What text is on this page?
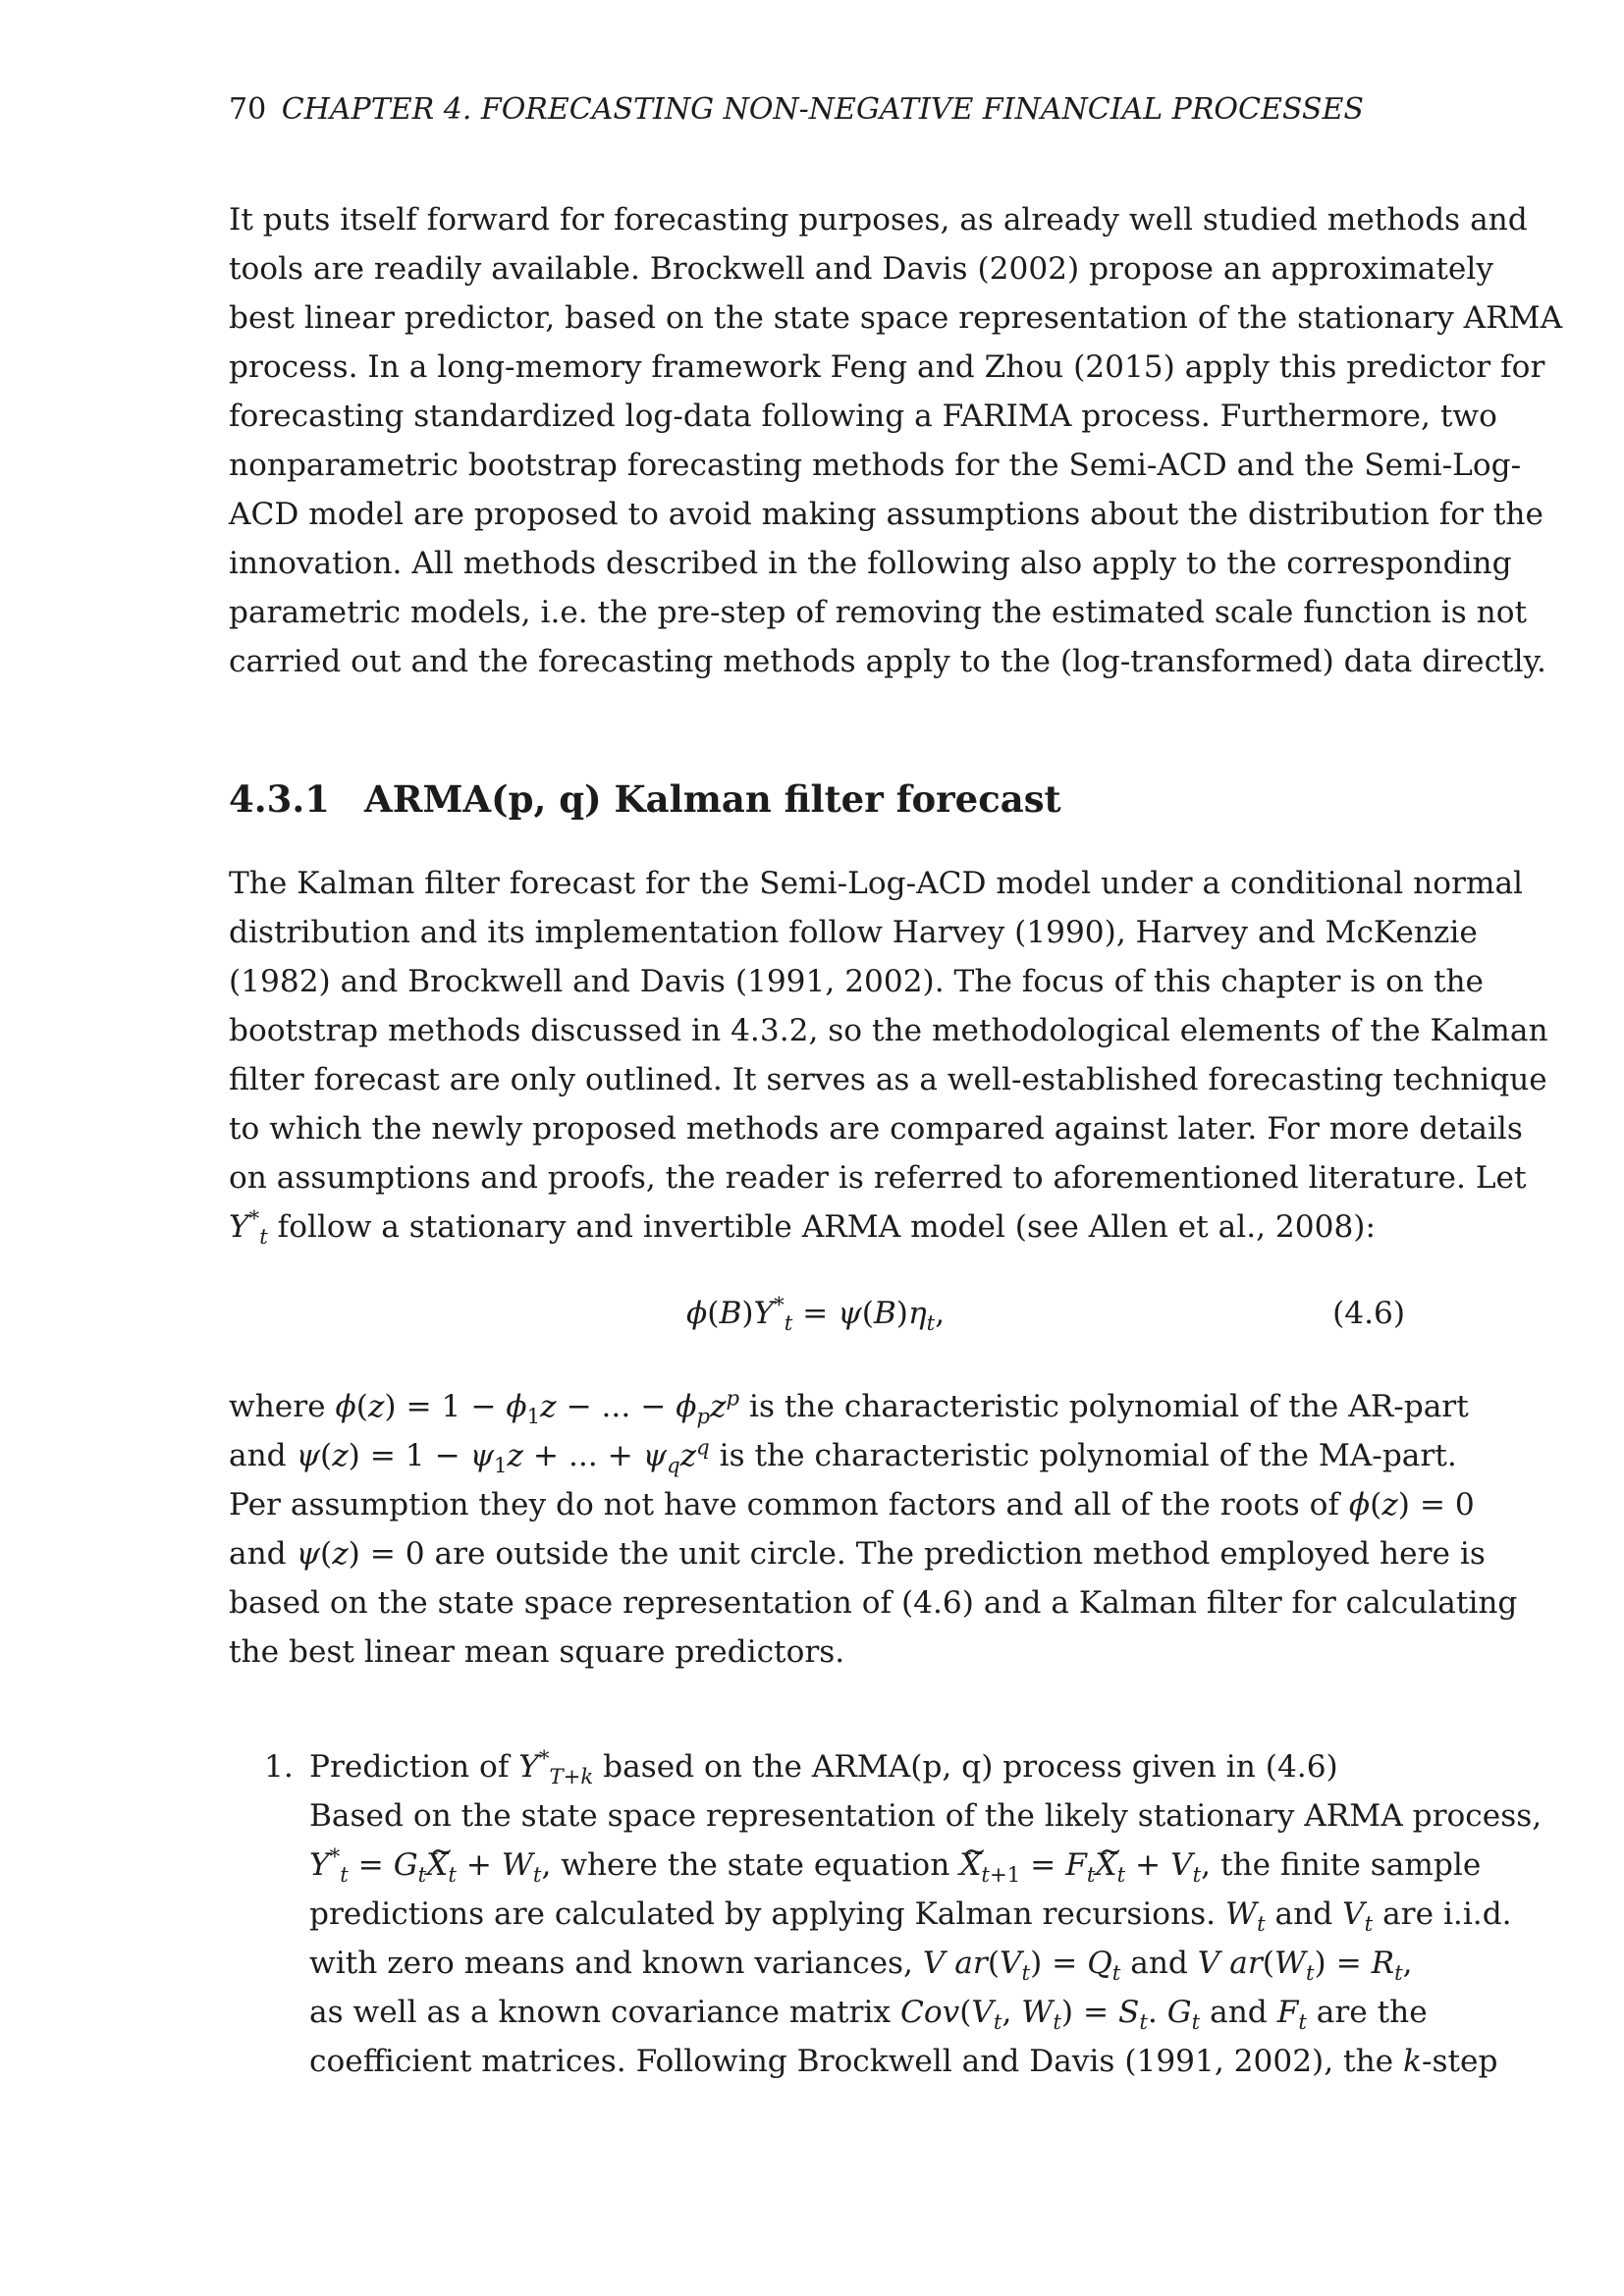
70 CHAPTER 4. FORECASTING NON-NEGATIVE FINANCIAL PROCESSES

It puts itself forward for forecasting purposes, as already well studied methods and
tools are readily available. Brockwell and Davis (2002) propose an approximately
best linear predictor, based on the state space representation of the stationary ARMA
process. In a long-memory framework Feng and Zhou (2015) apply this predictor for
forecasting standardized log-data following a FARIMA process. Furthermore, two
nonparametric bootstrap forecasting methods for the Semi-ACD and the Semi-Log-
ACD model are proposed to avoid making assumptions about the distribution for the
innovation. All methods described in the following also apply to the corresponding
parametric models, i.e. the pre-step of removing the estimated scale function is not
carried out and the forecasting methods apply to the (log-transformed) data directly.

4.3.1 ARMA(p, q) Kalman filter forecast

The Kalman filter forecast for the Semi-Log-ACD model under a conditional normal
distribution and its implementation follow Harvey (1990), Harvey and McKenzie
(1982) and Brockwell and Davis (1991, 2002). The focus of this chapter is on the
bootstrap methods discussed in 4.3.2, so the methodological elements of the Kalman
filter forecast are only outlined. It serves as a well-established forecasting technique
to which the newly proposed methods are compared against later. For more details
on assumptions and proofs, the reader is referred to aforementioned literature. Let
$Y^*_t$ follow a stationary and invertible ARMA model (see Allen et al., 2008):

$\phi(B)Y^*_t = \psi(B)\eta_t$,	(4.6)

where $\phi(z) = 1 - \phi_1z$ − ... − $\phi_pz^p$ is the characteristic polynomial of the AR-part
and $\psi(z) = 1 - \psi_1z$ + ... + $\psi_qz^q$ is the characteristic polynomial of the MA-part.
Per assumption they do not have common factors and all of the roots of ϕ(z) = 0
and ψ(z) = 0 are outside the unit circle. The prediction method employed here is
based on the state space representation of (4.6) and a Kalman filter for calculating
the best linear mean square predictors.

1. Prediction of $Y^*_{T+k}$ based on the ARMA(p, q) process given in (4.6)
Based on the state space representation of the likely stationary ARMA process,
$Y^*_t = G_tX$ $\sim_t + W_t$, where the state equation X $\sim_{t+1} = F_tX$ $\sim_t + V_t$, the finite sample
predictions are calculated by applying Kalman recursions. $W_t$ and $V_t$ are i.i.d.
with zero means and known variances, V $ar(V_t) = Q_t$ and V $ar(W_t) = R_t$,
as well as a known covariance matrix $Cov(V_t$, $W_t) = S_t$. $G_t$ and $F_t$ are the
coefficient matrices. Following Brockwell and Davis (1991, 2002), the k-step
